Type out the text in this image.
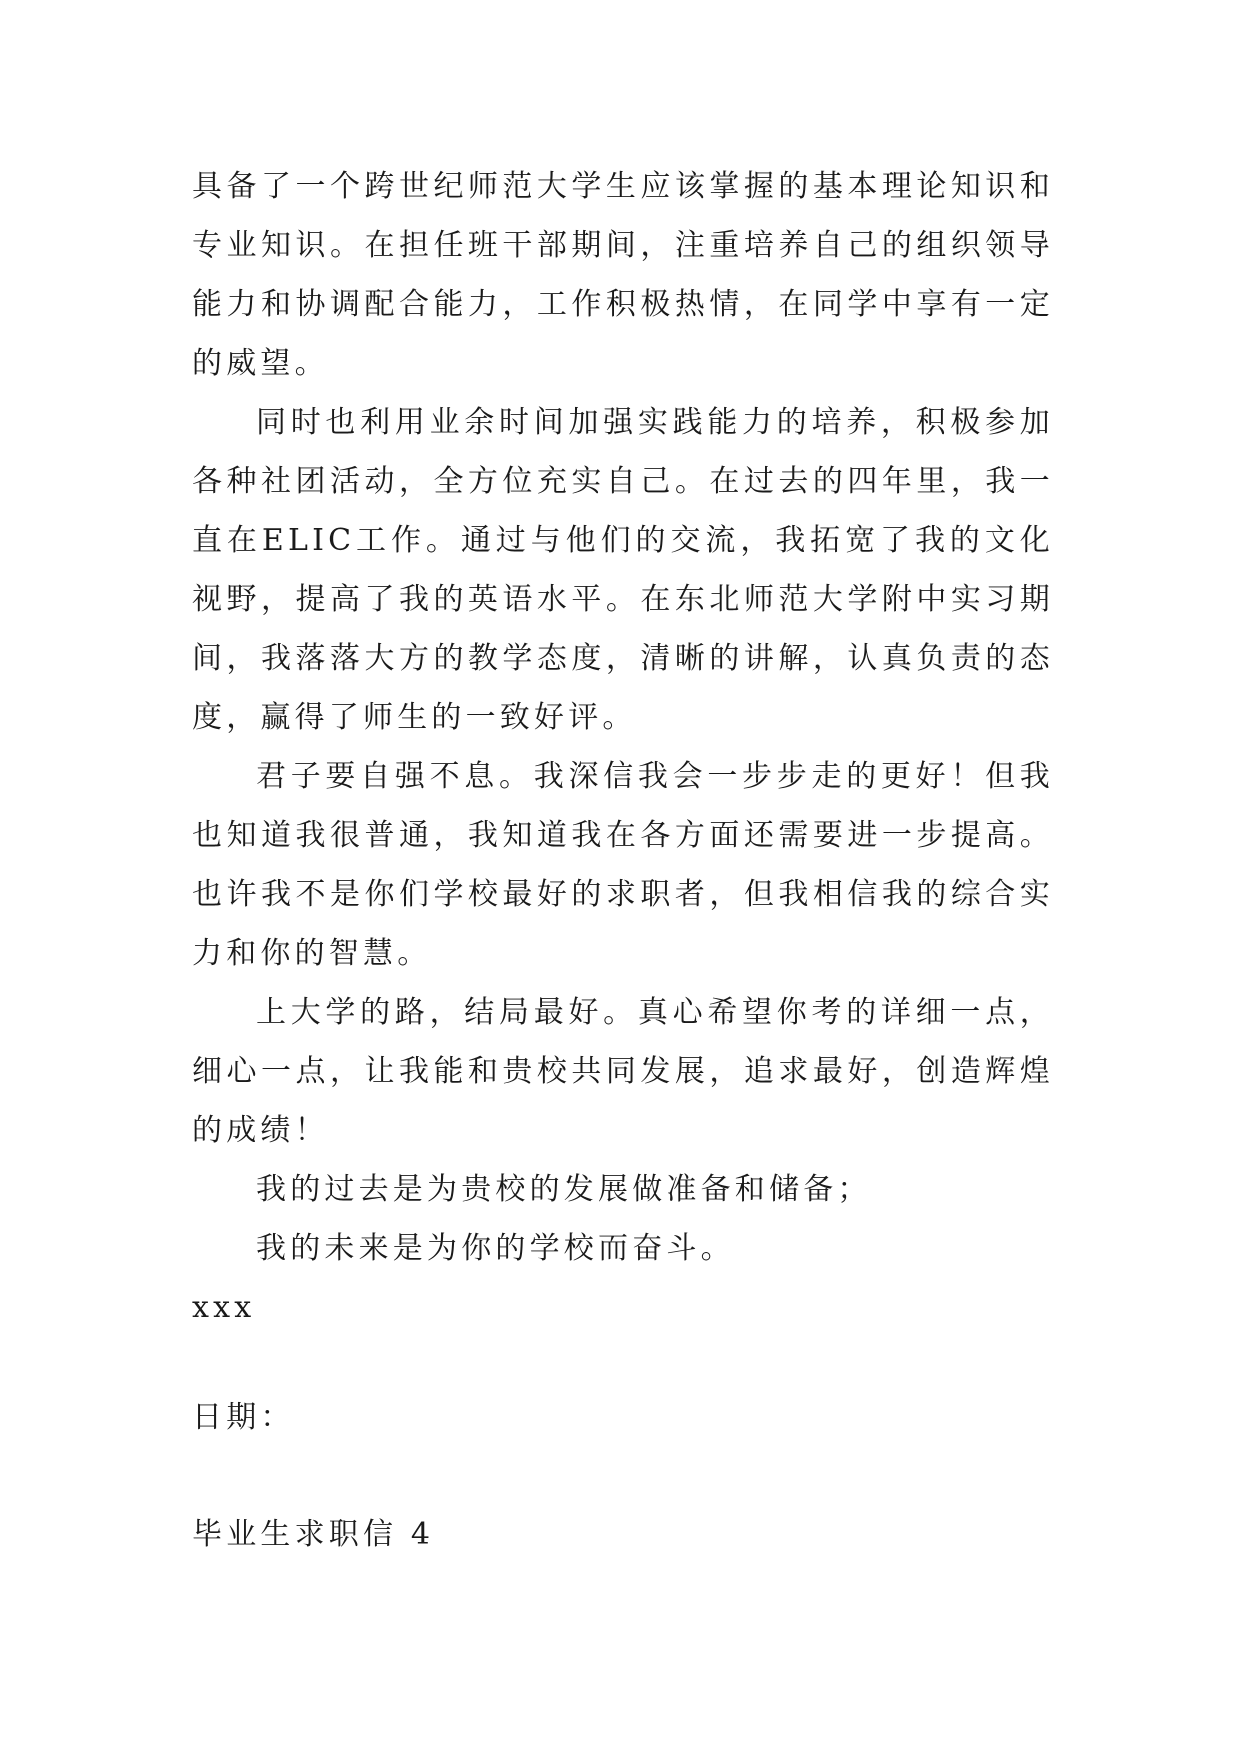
具备了一个跨世纪师范大学生应该掌握的基本理论知识和专业知识。在担任班干部期间，注重培养自己的组织领导能力和协调配合能力，工作积极热情，在同学中享有一定的威望。

同时也利用业余时间加强实践能力的培养，积极参加各种社团活动，全方位充实自己。在过去的四年里，我一直在ELIC工作。通过与他们的交流，我拓宽了我的文化视野，提高了我的英语水平。在东北师范大学附中实习期间，我落落大方的教学态度，清晰的讲解，认真负责的态度，赢得了师生的一致好评。

君子要自强不息。我深信我会一步步走的更好！但我也知道我很普通，我知道我在各方面还需要进一步提高。也许我不是你们学校最好的求职者，但我相信我的综合实力和你的智慧。

上大学的路，结局最好。真心希望你考的详细一点，细心一点，让我能和贵校共同发展，追求最好，创造辉煌的成绩！

我的过去是为贵校的发展做准备和储备；

我的未来是为你的学校而奋斗。

xxx

日期：
毕业生求职信 4
